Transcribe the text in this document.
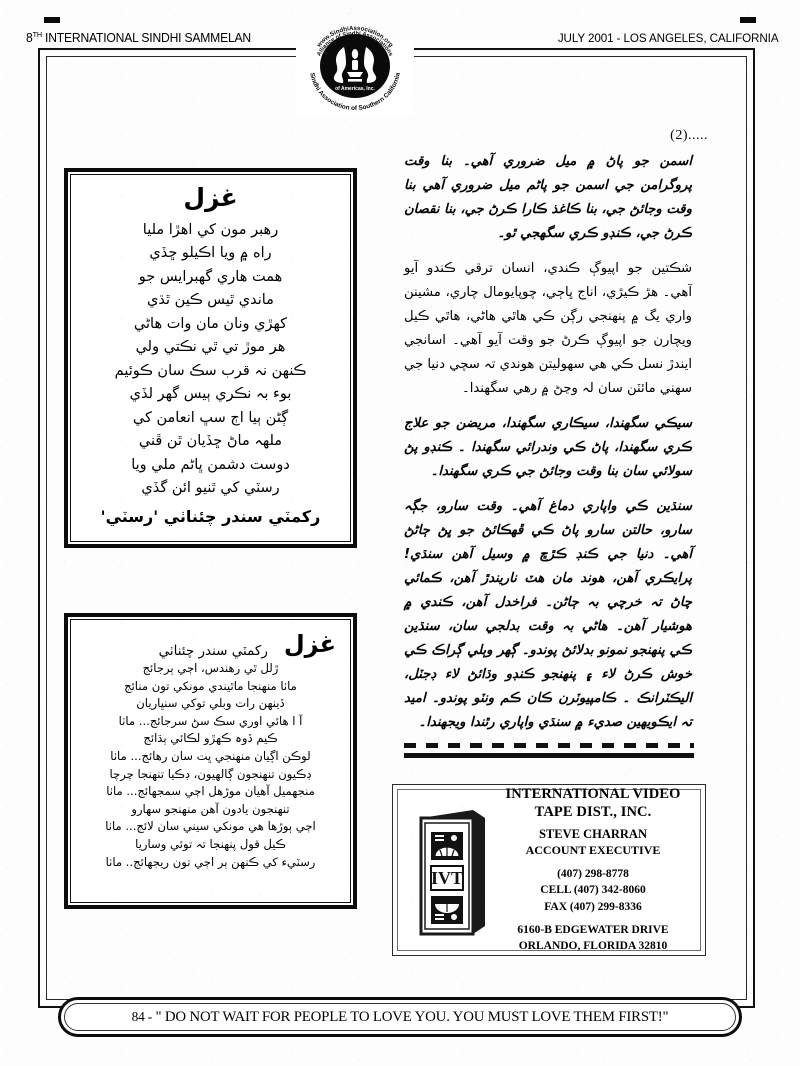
8TH INTERNATIONAL SINDHI SAMMELAN	JULY 2001 - LOS ANGELES, CALIFORNIA
www.SindhiAssociation.org
Alliance of Sindhi Associations
of Americas, Inc.
Sindhi Association of Southern California
(2).....
غزل
رهبر مون کي اهڙا مليا
راه ۾ ويا اڪيلو ڇڏي
همت هاري گهبرايس جو
ماندي ٿيس ڪين ٿڌي
کهڙي ونان مان وات هاڻي
هر موڙ تي ٿي نڪتي ولي
ڪنهن نہ قرب سڪ سان ڪوئيم
بوء بہ نڪري ٻيس گهر لڏي
ڳڻن ٻيا اڄ سڀ انعامن کي
ملهہ ماڻ ڇڏيان ٿن ڦني
دوست دشمن ڀاڻم ملي ويا
رسٽي کي ٿنيو ائن گڏي
ركمٽي سندر چئناٺي 'رسٽي'
غزل
ركمٽي سندر چئناٺي
ڙلل ٿي رهندس، اڄي ٻرجائج
ماٺا منهنجا ماٿيندي مونکي تون منائج
ڏينهن رات وبلي توکي سنڀاريان
آ ا هائي اوري سڪ سڻ سرجائج... ماٺا
ڪيم ڏوہ ڪهڙو لڪائي ٻڌائج
لوڪن اڳيان منهنجي ڀت سان رهائج... ماٺا
ڊڪيون تنهنجون ڳالهيون، ڊڪيا تنهنجا چرچا
منجهميل آهيان موڙهل اڄي سمجهائج... ماٺا
تنهنجون يادون آهن منهنجو سهارو
اڄي ٻوڙها ھي مونکي سيني سان لائج... ماٺا
ڪيل قول پنهنجا تہ توئي وساريا
رسٽيء کي ڪنهن ٻر اڄي تون ريجهائج.. ماٺا

اسمن جو پاڻ ۾ ميل ضروري آهي۔ بنا وقت پروگرامن جي اسمن جو پاڻم ميل ضروري آهي بنا وقت وجائڻ جي، بنا ڪاغذ ڪارا ڪرڻ جي، بنا نقصان ڪرڻ جي، ڪنڊو ڪري سگهجي ٿو۔

شڪتين جو اپيوڳ ڪندي، انسان ترقي ڪندو آيو آهي۔ هڙ ڪيڙي، اناج ڀاڄي، چوپايومال چاري، مشينن واري يگ ۾ پنهنجي رڳن ڪي ھاٿي ھاڻي، ھاٿي ڪيل ويچارن جو اپيوڳ ڪرڻ جو وقت آيو آهي۔ اسانجي ايندڙ نسل ڪي ھي سهوليتن هوندي تہ سچي دنيا جي سهني مائٽن سان لہ وڃڻ ۾ رهي سگهندا۔

سيڪي سگهندا، سيڪاري سگهندا، مريضن جو علاج ڪري سگهندا، پاڻ ڪي وندرائي سگهندا ۔ ڪنڊو پڻ سولائي سان بنا وقت وجائڻ جي ڪري سگهندا۔

سنڌين ڪي واپاري دماغ آهي۔ وقت سارو، جڳہ سارو، حالتن سارو پاڻ ڪي ڦهڪائڻ جو ڀڻ ڄاڻڻ آهي۔ دنيا جي ڪنڊ ڪڙڇ ۾ وسيل آهن سنڌي! پرايڪري آهن، هوند مان ھٽ ناريندڙ آهن، ڪمائي چاڻ تہ خرچي بہ ڄاڻن۔ فراخدل آهن، ڪندي ۾ هوشيار آهن۔ هاڻي بہ وقت بدلجي سان، سنڌين ڪي پنهنجو نمونو بدلائڻ پوندو۔ ڳهر وٻلي ڳراڪ ڪي خوش ڪرڻ لاء ۽ پنهنجو ڪنڊو وڌائڻ لاء ڊجٽل، اليڪٽرانڪ ۔ ڪامپيوٽرن ڪان ڪم ونٽو پوندو۔ اميد تہ ايڪويهين صديء ۾ سنڌي واپاري رٿندا ويجهندا۔

IVT
INTERNATIONAL VIDEO
TAPE DIST., INC.
STEVE CHARRAN
ACCOUNT EXECUTIVE
(407) 298-8778
CELL (407) 342-8060
FAX (407) 299-8336
6160-B EDGEWATER DRIVE
ORLANDO, FLORIDA 32810
84 - " DO NOT WAIT FOR PEOPLE TO LOVE YOU. YOU MUST LOVE THEM FIRST!"
